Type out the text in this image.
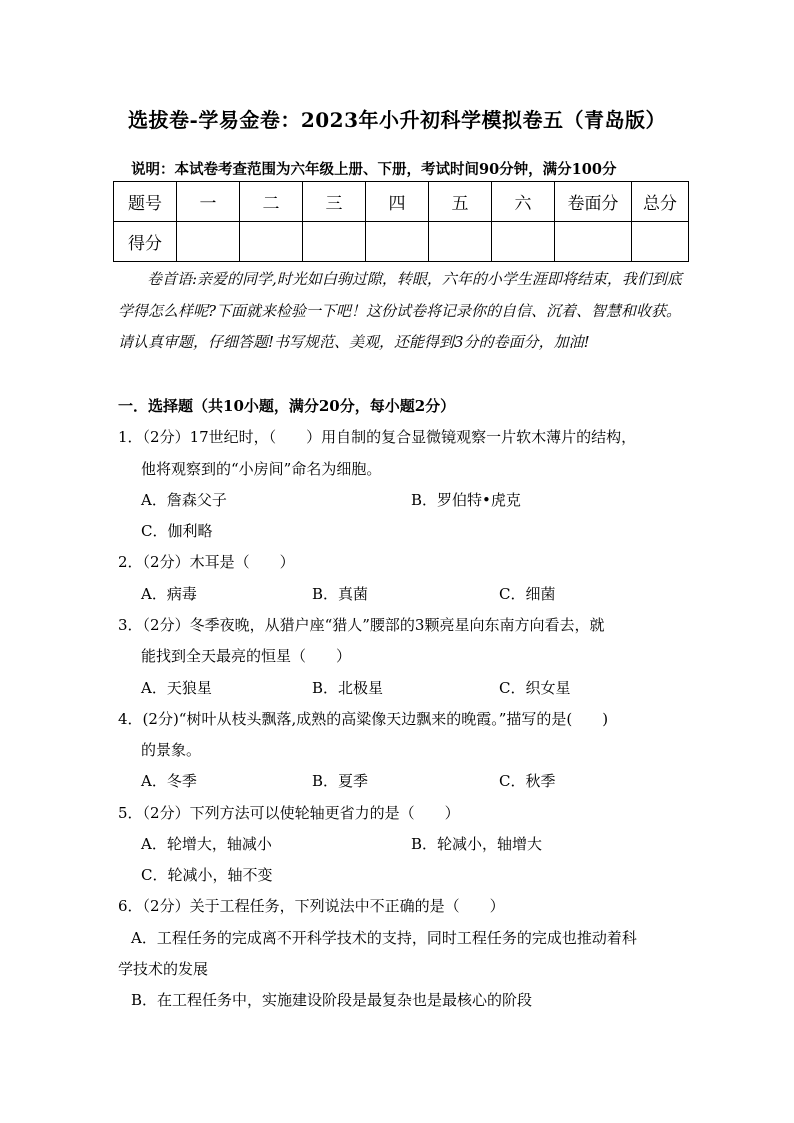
选拔卷-学易金卷：2023年小升初科学模拟卷五（青岛版）
说明：本试卷考查范围为六年级上册、下册，考试时间90分钟，满分100分
题号	一	二	三	四	五	六	卷面分	总分
得分								
卷首语:亲爱的同学,时光如白驹过隙，转眼，六年的小学生涯即将结束，我们到底学得怎么样呢?下面就来检验一下吧！这份试卷将记录你的自信、沉着、智慧和收获。请认真审题，仔细答题!书写规范、美观，还能得到3分的卷面分，加油!
一．选择题（共10小题，满分20分，每小题2分）
1．（2分）17世纪时，（　　）用自制的复合显微镜观察一片软木薄片的结构，
他将观察到的“小房间”命名为细胞。
A．詹森父子	B．罗伯特•虎克
C．伽利略
2．（2分）木耳是（　　）
A．病毒	B．真菌	C．细菌
3．（2分）冬季夜晚，从猎户座“猎人”腰部的3颗亮星向东南方向看去，就
能找到全天最亮的恒星（　　）
A．天狼星	B．北极星	C．织女星
4．(2分)“树叶从枝头飘落,成熟的高粱像天边飘来的晚霞。”描写的是(　　)
的景象。
A．冬季	B．夏季	C．秋季
5．（2分）下列方法可以使轮轴更省力的是（　　）
A．轮增大，轴减小	B．轮减小，轴增大
C．轮减小，轴不变
6．（2分）关于工程任务，下列说法中不正确的是（　　）
A．工程任务的完成离不开科学技术的支持，同时工程任务的完成也推动着科
学技术的发展
B．在工程任务中，实施建设阶段是最复杂也是最核心的阶段
